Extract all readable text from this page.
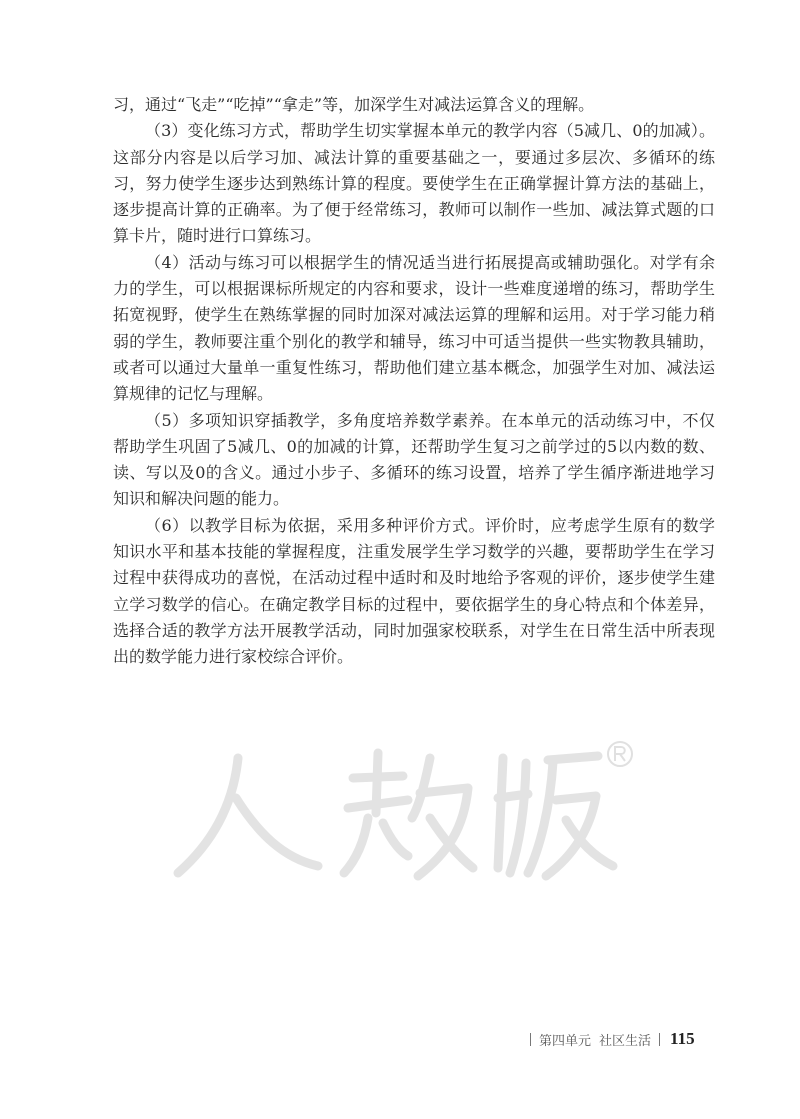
习，通过“飞走”“吃掉”“拿走”等，加深学生对减法运算含义的理解。

（3）变化练习方式，帮助学生切实掌握本单元的教学内容（5减几、0的加减）。这部分内容是以后学习加、减法计算的重要基础之一，要通过多层次、多循环的练习，努力使学生逐步达到熟练计算的程度。要使学生在正确掌握计算方法的基础上，逐步提高计算的正确率。为了便于经常练习，教师可以制作一些加、减法算式题的口算卡片，随时进行口算练习。

（4）活动与练习可以根据学生的情况适当进行拓展提高或辅助强化。对学有余力的学生，可以根据课标所规定的内容和要求，设计一些难度递增的练习，帮助学生拓宽视野，使学生在熟练掌握的同时加深对减法运算的理解和运用。对于学习能力稍弱的学生，教师要注重个别化的教学和辅导，练习中可适当提供一些实物教具辅助，或者可以通过大量单一重复性练习，帮助他们建立基本概念，加强学生对加、减法运算规律的记忆与理解。

（5）多项知识穿插教学，多角度培养数学素养。在本单元的活动练习中，不仅帮助学生巩固了5减几、0的加减的计算，还帮助学生复习之前学过的5以内数的数、读、写以及0的含义。通过小步子、多循环的练习设置，培养了学生循序渐进地学习知识和解决问题的能力。

（6）以教学目标为依据，采用多种评价方式。评价时，应考虑学生原有的数学知识水平和基本技能的掌握程度，注重发展学生学习数学的兴趣，要帮助学生在学习过程中获得成功的喜悦，在活动过程中适时和及时地给予客观的评价，逐步使学生建立学习数学的信心。在确定教学目标的过程中，要依据学生的身心特点和个体差异，选择合适的教学方法开展教学活动，同时加强家校联系，对学生在日常生活中所表现出的数学能力进行家校综合评价。

第四单元 社区生活 115
